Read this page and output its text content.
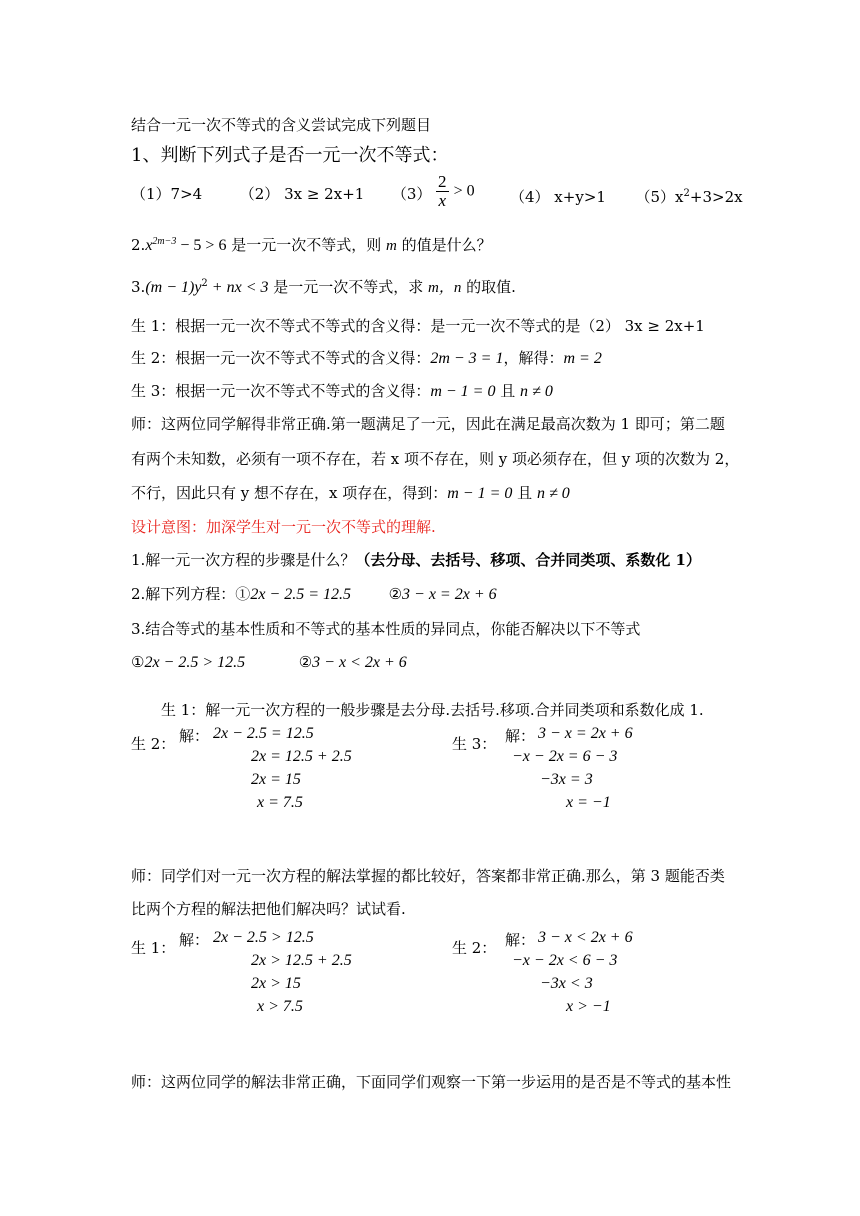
结合一元一次不等式的含义尝试完成下列题目
1、判断下列式子是否一元一次不等式：
（1）7>4	（2） 3x ≥ 2x+1 $(3) \frac{2}{x} > 0$ （4） x+y>1 $(5)x^2+3>2x$
$2.x^{2m-3} - 5 > 6$ 是一元一次不等式，则 m 的值是什么？
$3.(m - 1)y^2$ + nx < 3 是一元一次不等式，求 m，n 的取值.
生 1：根据一元一次不等式不等式的含义得：是一元一次不等式的是（2） 3x ≥ 2x+1
生 2：根据一元一次不等式不等式的含义得：2m − 3 = 1，解得：m = 2
生 3：根据一元一次不等式不等式的含义得：m − 1 = 0 且 n ≠ 0
师：这两位同学解得非常正确.第一题满足了一元，因此在满足最高次数为 1 即可；第二题
有两个未知数，必须有一项不存在，若 x 项不存在，则 y 项必须存在，但 y 项的次数为 2，
不行，因此只有 y 想不存在，x 项存在，得到：m − 1 = 0 且 n ≠ 0
设计意图：加深学生对一元一次不等式的理解.
1.解一元一次方程的步骤是什么？（去分母、去括号、移项、合并同类项、系数化 1）
2.解下列方程：①2x − 2.5 = 12.5	②3 − x = 2x + 6
3.结合等式的基本性质和不等式的基本性质的异同点，你能否解决以下不等式
①2x − 2.5 > 12.5	②3 − x < 2x + 6
生 1：解一元一次方程的一般步骤是去分母.去括号.移项.合并同类项和系数化成 1.
生 2： 解： 2x − 2.5 = 12.5
2x = 12.5 + 2.5
2x = 15
x = 7.5
生 3： 解： 3 − x = 2x + 6
−x − 2x = 6 − 3
−3x = 3
x = −1
师：同学们对一元一次方程的解法掌握的都比较好，答案都非常正确.那么，第 3 题能否类
比两个方程的解法把他们解决吗？试试看.
生 1： 解： 2x − 2.5 > 12.5
2x > 12.5 + 2.5
2x > 15
x > 7.5
生 2： 解： 3 − x < 2x + 6
−x − 2x < 6 − 3
−3x < 3
x > −1
师：这两位同学的解法非常正确，下面同学们观察一下第一步运用的是否是不等式的基本性
